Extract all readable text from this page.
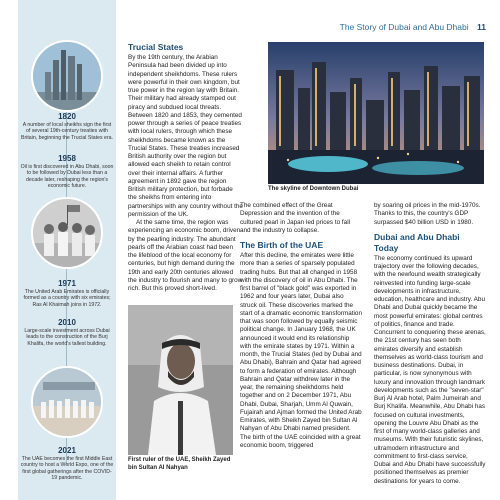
The Story of Dubai and Abu Dhabi 11
1820
A number of local sheikhs sign the first of several 19th-century treaties with Britain, beginning the Trucial States era.
1958
Oil is first discovered in Abu Dhabi, soon to be followed by Dubai less than a decade later, reshaping the region's economic future.
1971
The United Arab Emirates is officially formed as a country with six emirates; Ras Al Khaimah joins in 1972.
2010
Large-scale investment across Dubai leads to the construction of the Burj Khalifa, the world's tallest building.
2021
The UAE becomes the first Middle East country to host a World Expo, one of the first global gatherings after the COVID-19 pandemic.
Trucial States

By the 19th century, the Arabian Peninsula had been divided up into independent sheikhdoms. These rulers were powerful in their own kingdom, but true power in the region lay with Britain. Their military had already stamped out piracy and subdued local threats. Between 1820 and 1853, they cemented power through a series of peace treaties with local rulers, through which these sheikhdoms became known as the Trucial States. These treaties increased British authority over the region but allowed each sheikh to retain control over their internal affairs. A further agreement in 1892 gave the region British military protection, but forbade the sheikhs from entering into partnerships with any country without the permission of the UK.

At the same time, the region was experiencing an economic boom, driven by the pearling industry. The abundant pearls off the Arabian coast had been the lifeblood of the local economy for centuries, but high demand during the 19th and early 20th centuries allowed the industry to flourish and many to grow rich. But this proved short-lived.

The skyline of Downtown Dubai
First ruler of the UAE, Sheikh Zayed bin Sultan Al Nahyan

The combined effect of the Great Depression and the invention of the cultured pearl in Japan led prices to fall and the industry to collapse.

The Birth of the UAE

After this decline, the emirates were little more than a series of sparsely populated trading hubs. But that all changed in 1958 with the discovery of oil in Abu Dhabi. The first barrel of "black gold" was exported in 1962 and four years later, Dubai also struck oil. These discoveries marked the start of a dramatic economic transformation that was soon followed by equally seismic political change. In January 1968, the UK announced it would end its relationship with the emirate states by 1971. Within a month, the Trucial States (led by Dubai and Abu Dhabi), Bahrain and Qatar had agreed to form a federation of emirates. Although Bahrain and Qatar withdrew later in the year, the remaining sheikhdoms held together and on 2 December 1971, Abu Dhabi, Dubai, Sharjah, Umm Al Quwain, Fujairah and Ajman formed the United Arab Emirates, with Sheikh Zayed bin Sultan Al Nahyan of Abu Dhabi named president. The birth of the UAE coincided with a great economic boom, triggered

by soaring oil prices in the mid-1970s. Thanks to this, the country's GDP surpassed $40 billion USD in 1980.

Dubai and Abu Dhabi Today

The economy continued its upward trajectory over the following decades, with the newfound wealth strategically reinvested into funding large-scale developments in infrastructure, education, healthcare and industry. Abu Dhabi and Dubai quickly became the most powerful emirates: global centres of politics, finance and trade. Concurrent to conquering these arenas, the 21st century has seen both emirates diversify and establish themselves as world-class tourism and business destinations. Dubai, in particular, is now synonymous with luxury and innovation through landmark developments such as the "seven-star" Burj Al Arab hotel, Palm Jumeirah and Burj Khalifa. Meanwhile, Abu Dhabi has focused on cultural investments, opening the Louvre Abu Dhabi as the first of many world-class galleries and museums. With their futuristic skylines, ultramodern infrastructure and commitment to first-class service, Dubai and Abu Dhabi have successfully positioned themselves as premier destinations for years to come.
